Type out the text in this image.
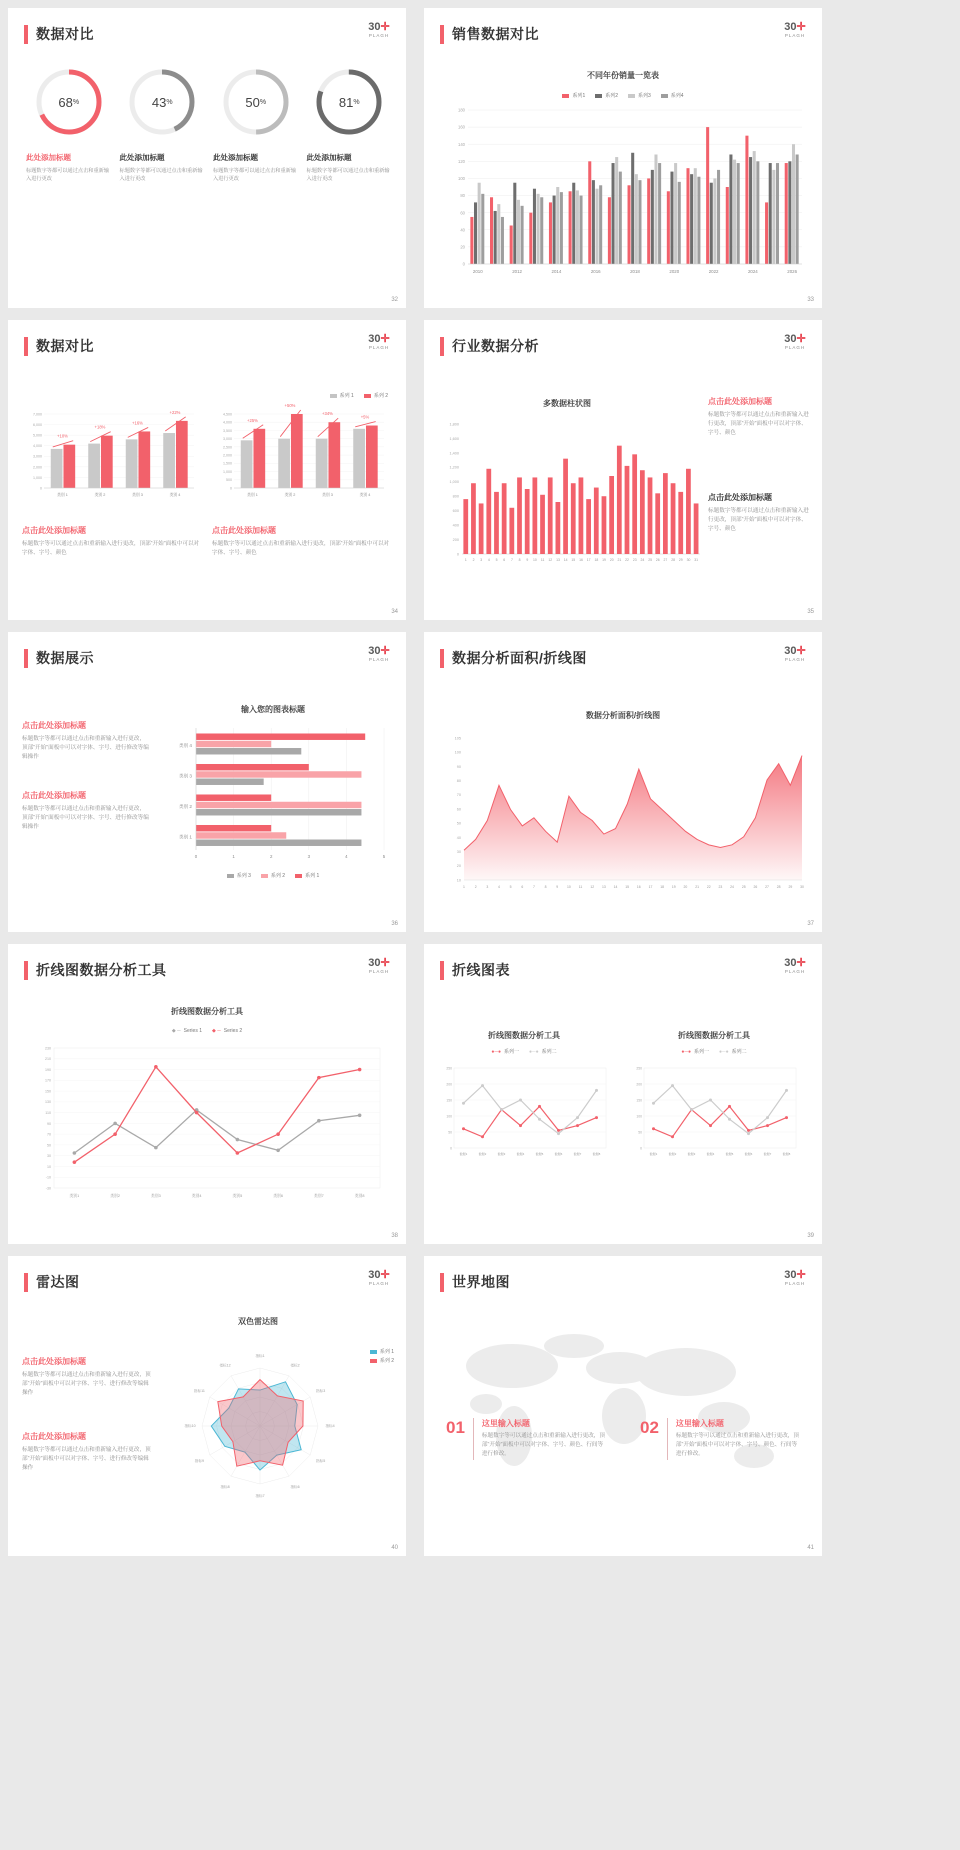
数据对比	30✛
PLAGH
68 %
此处添加标题
标题数字等都可以通过点击和重新输入进行更改
43 %
此处添加标题
标题数字等都可以通过点击和重新输入进行更改
50 %
此处添加标题
标题数字等都可以通过点击和重新输入进行更改
81 %
此处添加标题
标题数字等都可以通过点击和重新输入进行更改
32
销售数据对比	30✛
PLAGH
不同年份销量一览表
系列1	系列2	系列3	系列4
180
160
140
120
100
80
60
40
20
0
2010	2012	2014	2016	2018	2020	2022	2024	2026
33
数据对比	30✛
PLAGH
系列 1	系列 2
7,000
6,000
5,000
4,000
3,000
2,000
1,000
0
+10%
类别 1
+18%
类别 2
+16%
类别 3
+22%
类别 4
4,500
4,000
3,500
3,000
2,500
2,000
1,500
1,000
500
0
+25%
类别 1
+50%
类别 2
+34%
类别 3
+5%
类别 4
点击此处添加标题
标题数字等可以通过点击和重新输入进行更改，顶部“开始”面板中可以对字体、字号、颜色
点击此处添加标题
标题数字等可以通过点击和重新输入进行更改，顶部“开始”面板中可以对字体、字号、颜色
34
行业数据分析	30✛
PLAGH
多数据柱状图
1,800
1,600
1,400
1,200
1,000
800
600
400
200
0
1 2 3 4 5 6 7 8 9 10 11 12 13 14 15 16 17 18 19 20 21 22 23 24 25 26 27 28 29 30 31
点击此处添加标题
标题数字等都可以通过点击和重新输入进行更改，顶部“开始”面板中可以对字体、字号、颜色
点击此处添加标题
标题数字等都可以通过点击和重新输入进行更改，顶部“开始”面板中可以对字体、字号、颜色
35
数据展示	30✛
PLAGH
点击此处添加标题
标题数字等都可以通过点击和重新输入进行更改，顶部“开始”面板中可以对字体、字号、进行修改等编辑操作
点击此处添加标题
标题数字等都可以通过点击和重新输入进行更改，顶部“开始”面板中可以对字体、字号、进行修改等编辑操作
输入您的图表标题
0	1	2	3	4	5
类别 4
类别 3
类别 2
类别 1
系列 3	系列 2	系列 1
36
数据分析面积/折线图	30✛
PLAGH
数据分析面积/折线图
105
100
90
80
70
60
50
40
30
20
10
1	2	3	4	5	6	7	8	9	10 11 12 13 14 15 16 17 18 19 20 21 22 23 24 25 26 27 28 29 30
37
折线图数据分析工具	30✛
PLAGH
折线图数据分析工具
◆ ─ Series 1 ◆ ─ Series 2
230
210
190
170
150
130
110
90
70
50
30
10
-10
-30
类别1	类别2	类别3	类别4	类别5	类别6	类别7	类别8
38
折线图表	30✛
PLAGH
折线图数据分析工具
●─● 系列一 ●─● 系列二
250
200
150
100
50
0
数据1	数据2	数据3	数据4	数据5	数据6	数据7	数据8
折线图数据分析工具
●─● 系列一 ●─● 系列二
250
200
150
100
50
0
数据1	数据2	数据3	数据4	数据5	数据6	数据7	数据8
39
雷达图	30✛
PLAGH
点击此处添加标题
标题数字等都可以通过点击和重新输入进行更改，顶部“开始”面板中可以对字体、字号、进行修改等编辑操作
点击此处添加标题
标题数字等都可以通过点击和重新输入进行更改，顶部“开始”面板中可以对字体、字号、进行修改等编辑操作
双色雷达图
指标1
指标2
指标3
指标4
指标5
指标6
指标7
指标8
指标9
指标10
指标11
指标12
系列 1
系列 2
40
世界地图	30✛
PLAGH
01 这里输入标题
标题数字等可以通过点击和重新输入进行更改，顶部“开始”面板中可以对字体、字号、颜色、行间等进行修改。
02 这里输入标题
标题数字等可以通过点击和重新输入进行更改，顶部“开始”面板中可以对字体、字号、颜色、行间等进行修改。
41
